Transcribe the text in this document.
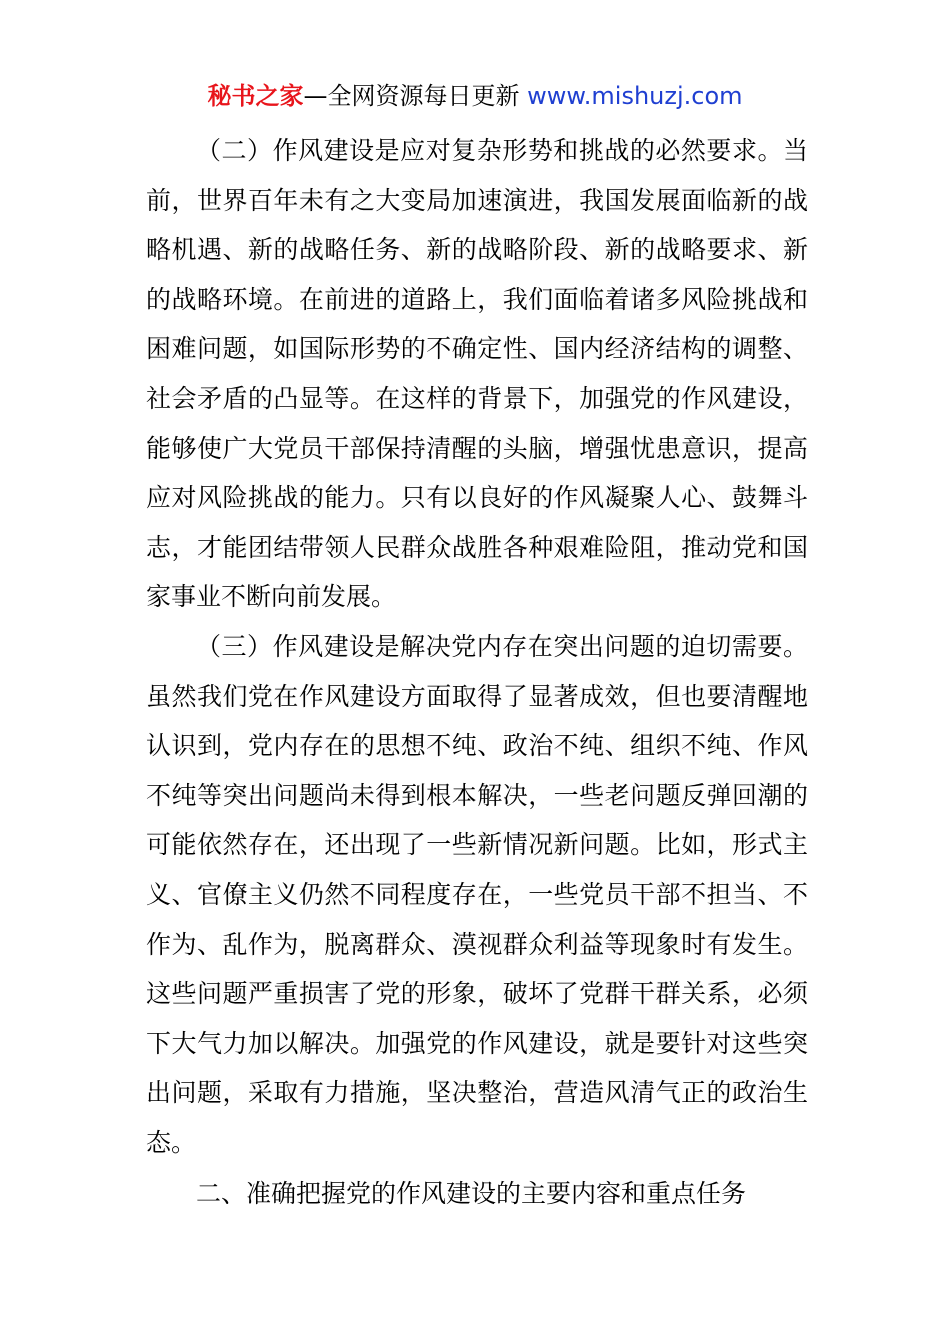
秘书之家—全网资源每日更新 www.mishuzj.com

（二）作风建设是应对复杂形势和挑战的必然要求。当前，世界百年未有之大变局加速演进，我国发展面临新的战略机遇、新的战略任务、新的战略阶段、新的战略要求、新的战略环境。在前进的道路上，我们面临着诸多风险挑战和困难问题，如国际形势的不确定性、国内经济结构的调整、社会矛盾的凸显等。在这样的背景下，加强党的作风建设，能够使广大党员干部保持清醒的头脑，增强忧患意识，提高应对风险挑战的能力。只有以良好的作风凝聚人心、鼓舞斗志，才能团结带领人民群众战胜各种艰难险阻，推动党和国家事业不断向前发展。

（三）作风建设是解决党内存在突出问题的迫切需要。虽然我们党在作风建设方面取得了显著成效，但也要清醒地认识到，党内存在的思想不纯、政治不纯、组织不纯、作风不纯等突出问题尚未得到根本解决，一些老问题反弹回潮的可能依然存在，还出现了一些新情况新问题。比如，形式主义、官僚主义仍然不同程度存在，一些党员干部不担当、不作为、乱作为，脱离群众、漠视群众利益等现象时有发生。这些问题严重损害了党的形象，破坏了党群干群关系，必须下大气力加以解决。加强党的作风建设，就是要针对这些突出问题，采取有力措施，坚决整治，营造风清气正的政治生态。

二、准确把握党的作风建设的主要内容和重点任务
